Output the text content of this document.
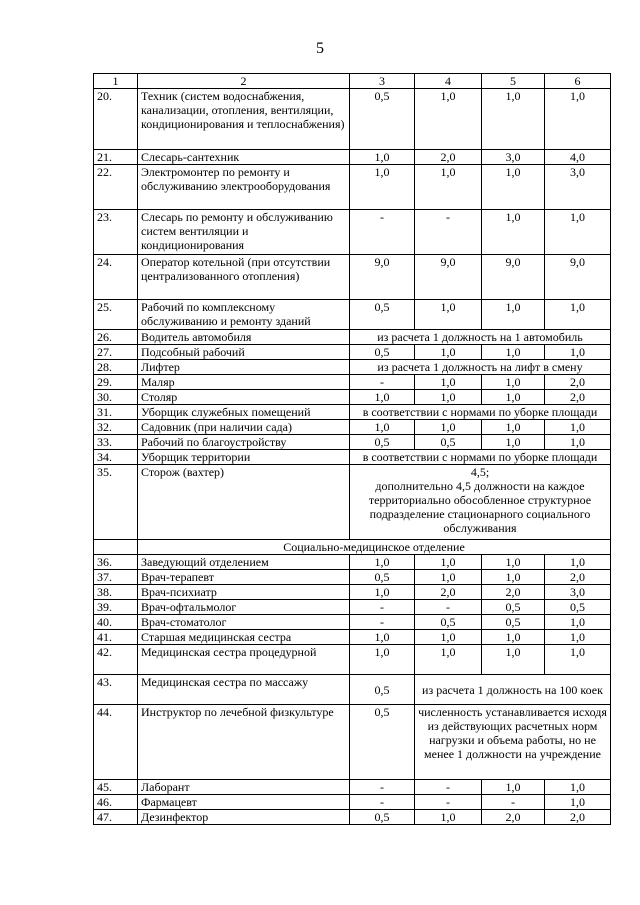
5
1	2	3	4	5	6
20.	Техник (систем водоснабжения, канализации, отопления, вентиляции, кондиционирования и теплоснабжения)	0,5	1,0	1,0	1,0
21.	Слесарь-сантехник	1,0	2,0	3,0	4,0
22.	Электромонтер по ремонту и обслуживанию электрооборудования	1,0	1,0	1,0	3,0
23.	Слесарь по ремонту и обслуживанию систем вентиляции и кондиционирования	-	-	1,0	1,0
24.	Оператор котельной (при отсутствии централизованного отопления)	9,0	9,0	9,0	9,0
25.	Рабочий по комплексному обслуживанию и ремонту зданий	0,5	1,0	1,0	1,0
26.	Водитель автомобиля	из расчета 1 должность на 1 автомобиль			
27.	Подсобный рабочий	0,5	1,0	1,0	1,0
28.	Лифтер	из расчета 1 должность на лифт в смену			
29.	Маляр	-	1,0	1,0	2,0
30.	Столяр	1,0	1,0	1,0	2,0
31.	Уборщик служебных помещений	в соответствии с нормами по уборке площади			
32.	Садовник (при наличии сада)	1,0	1,0	1,0	1,0
33.	Рабочий по благоустройству	0,5	0,5	1,0	1,0
34.	Уборщик территории	в соответствии с нормами по уборке площади			
35.	Сторож (вахтер)	4,5;
дополнительно 4,5 должности на каждое территориально обособленное структурное подразделение стационарного социального обслуживания			

	Социально-медицинское отделение				
36.	Заведующий отделением	1,0	1,0	1,0	1,0
37.	Врач-терапевт	0,5	1,0	1,0	2,0
38.	Врач-психиатр	1,0	2,0	2,0	3,0
39.	Врач-офтальмолог	-	-	0,5	0,5
40.	Врач-стоматолог	-	0,5	0,5	1,0
41.	Старшая медицинская сестра	1,0	1,0	1,0	1,0
42.	Медицинская сестра процедурной	1,0	1,0	1,0	1,0
43.	Медицинская сестра по массажу	0,5	из расчета 1 должность на 100 коек		
44.	Инструктор по лечебной физкультуре	0,5	численность устанавливается исходя из действующих расчетных норм нагрузки и объема работы, но не менее 1 должности на учреждение		
45.	Лаборант	-	-	1,0	1,0
46.	Фармацевт	-	-	-	1,0
47.	Дезинфектор	0,5	1,0	2,0	2,0
